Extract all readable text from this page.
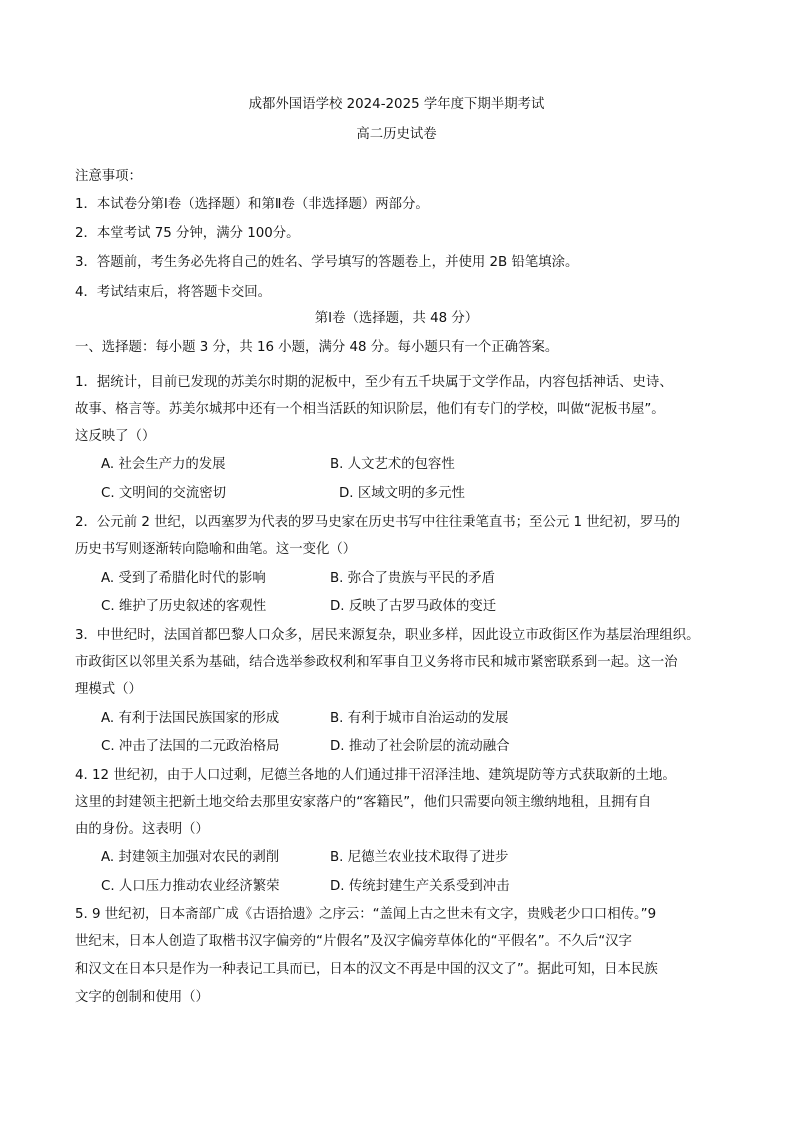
成都外国语学校 2024-2025 学年度下期半期考试
高二历史试卷
注意事项：
1．本试卷分第Ⅰ卷（选择题）和第Ⅱ卷（非选择题）两部分。
2．本堂考试 75 分钟，满分 100分。
3．答题前，考生务必先将自己的姓名、学号填写的答题卷上，并使用 2B 铅笔填涂。
4．考试结束后，将答题卡交回。
第Ⅰ卷（选择题，共 48 分）
一、选择题：每小题 3 分，共 16 小题，满分 48 分。每小题只有一个正确答案。
1．据统计，目前已发现的苏美尔时期的泥板中，至少有五千块属于文学作品，内容包括神话、史诗、
故事、格言等。苏美尔城邦中还有一个相当活跃的知识阶层，他们有专门的学校，叫做“泥板书屋”。
这反映了（）
A. 社会生产力的发展	B. 人文艺术的包容性
C. 文明间的交流密切	D. 区域文明的多元性
2．公元前 2 世纪，以西塞罗为代表的罗马史家在历史书写中往往秉笔直书；至公元 1 世纪初，罗马的
历史书写则逐渐转向隐喻和曲笔。这一变化（）
A. 受到了希腊化时代的影响	B. 弥合了贵族与平民的矛盾
C. 维护了历史叙述的客观性	D. 反映了古罗马政体的变迁
3．中世纪时，法国首都巴黎人口众多，居民来源复杂，职业多样，因此设立市政街区作为基层治理组织。
市政街区以邻里关系为基础，结合选举参政权利和军事自卫义务将市民和城市紧密联系到一起。这一治
理模式（）
A. 有利于法国民族国家的形成	B. 有利于城市自治运动的发展
C. 冲击了法国的二元政治格局	D. 推动了社会阶层的流动融合
4. 12 世纪初，由于人口过剩，尼德兰各地的人们通过排干沼泽洼地、建筑堤防等方式获取新的土地。
这里的封建领主把新土地交给去那里安家落户的“客籍民”，他们只需要向领主缴纳地租，且拥有自
由的身份。这表明（）
A. 封建领主加强对农民的剥削	B. 尼德兰农业技术取得了进步
C. 人口压力推动农业经济繁荣	D. 传统封建生产关系受到冲击
5. 9 世纪初，日本斋部广成《古语拾遗》之序云：“盖闻上古之世未有文字，贵贱老少口口相传。”9
世纪末，日本人创造了取楷书汉字偏旁的“片假名”及汉字偏旁草体化的“平假名”。不久后“汉字
和汉文在日本只是作为一种表记工具而已，日本的汉文不再是中国的汉文了”。据此可知，日本民族
文字的创制和使用（）
